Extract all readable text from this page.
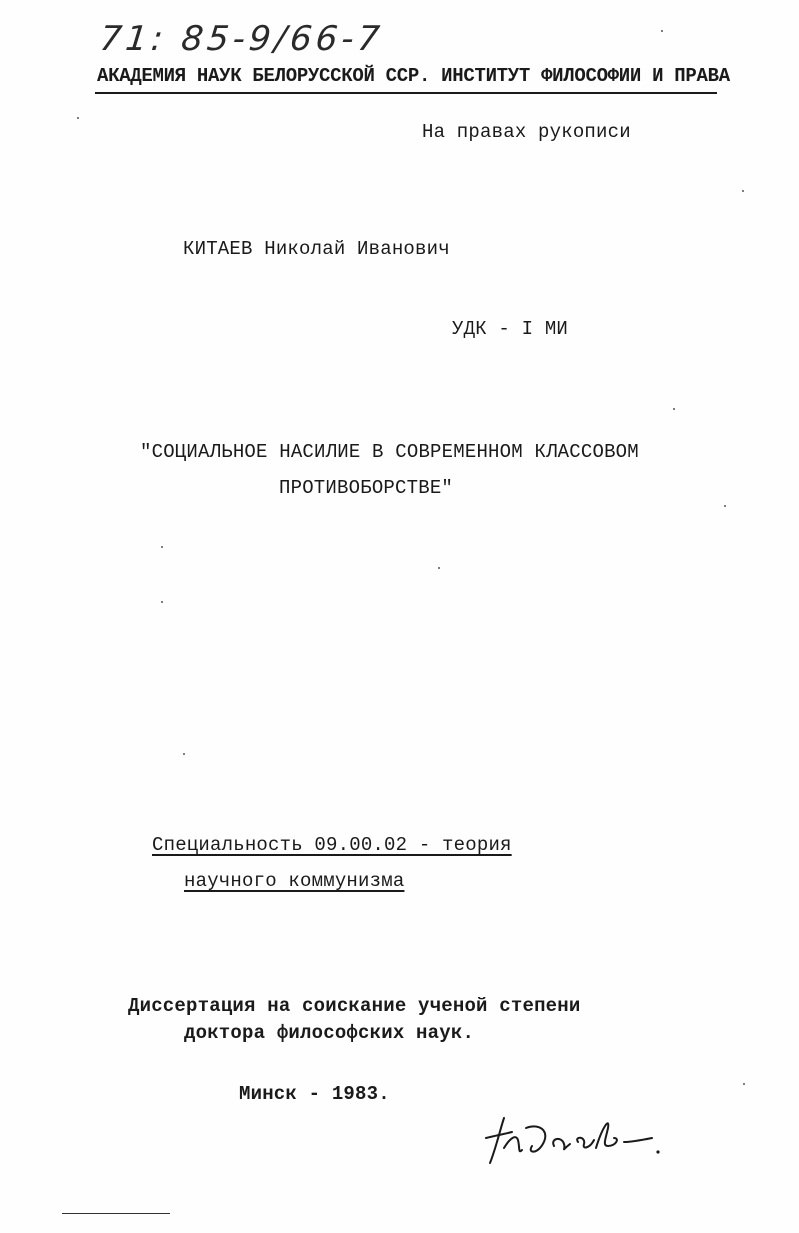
71: 85-9/66-7
АКАДЕМИЯ НАУК БЕЛОРУССКОЙ ССР. ИНСТИТУТ ФИЛОСОФИИ И ПРАВА
На правах рукописи
КИТАЕВ Николай Иванович
УДК - I МИ
"СОЦИАЛЬНОЕ НАСИЛИЕ В СОВРЕМЕННОМ КЛАССОВОМ
ПРОТИВОБОРСТВЕ"
Специальность 09.00.02 - теория
научного коммунизма
Диссертация на соискание ученой степени
доктора философских наук.
Минск - 1983.
